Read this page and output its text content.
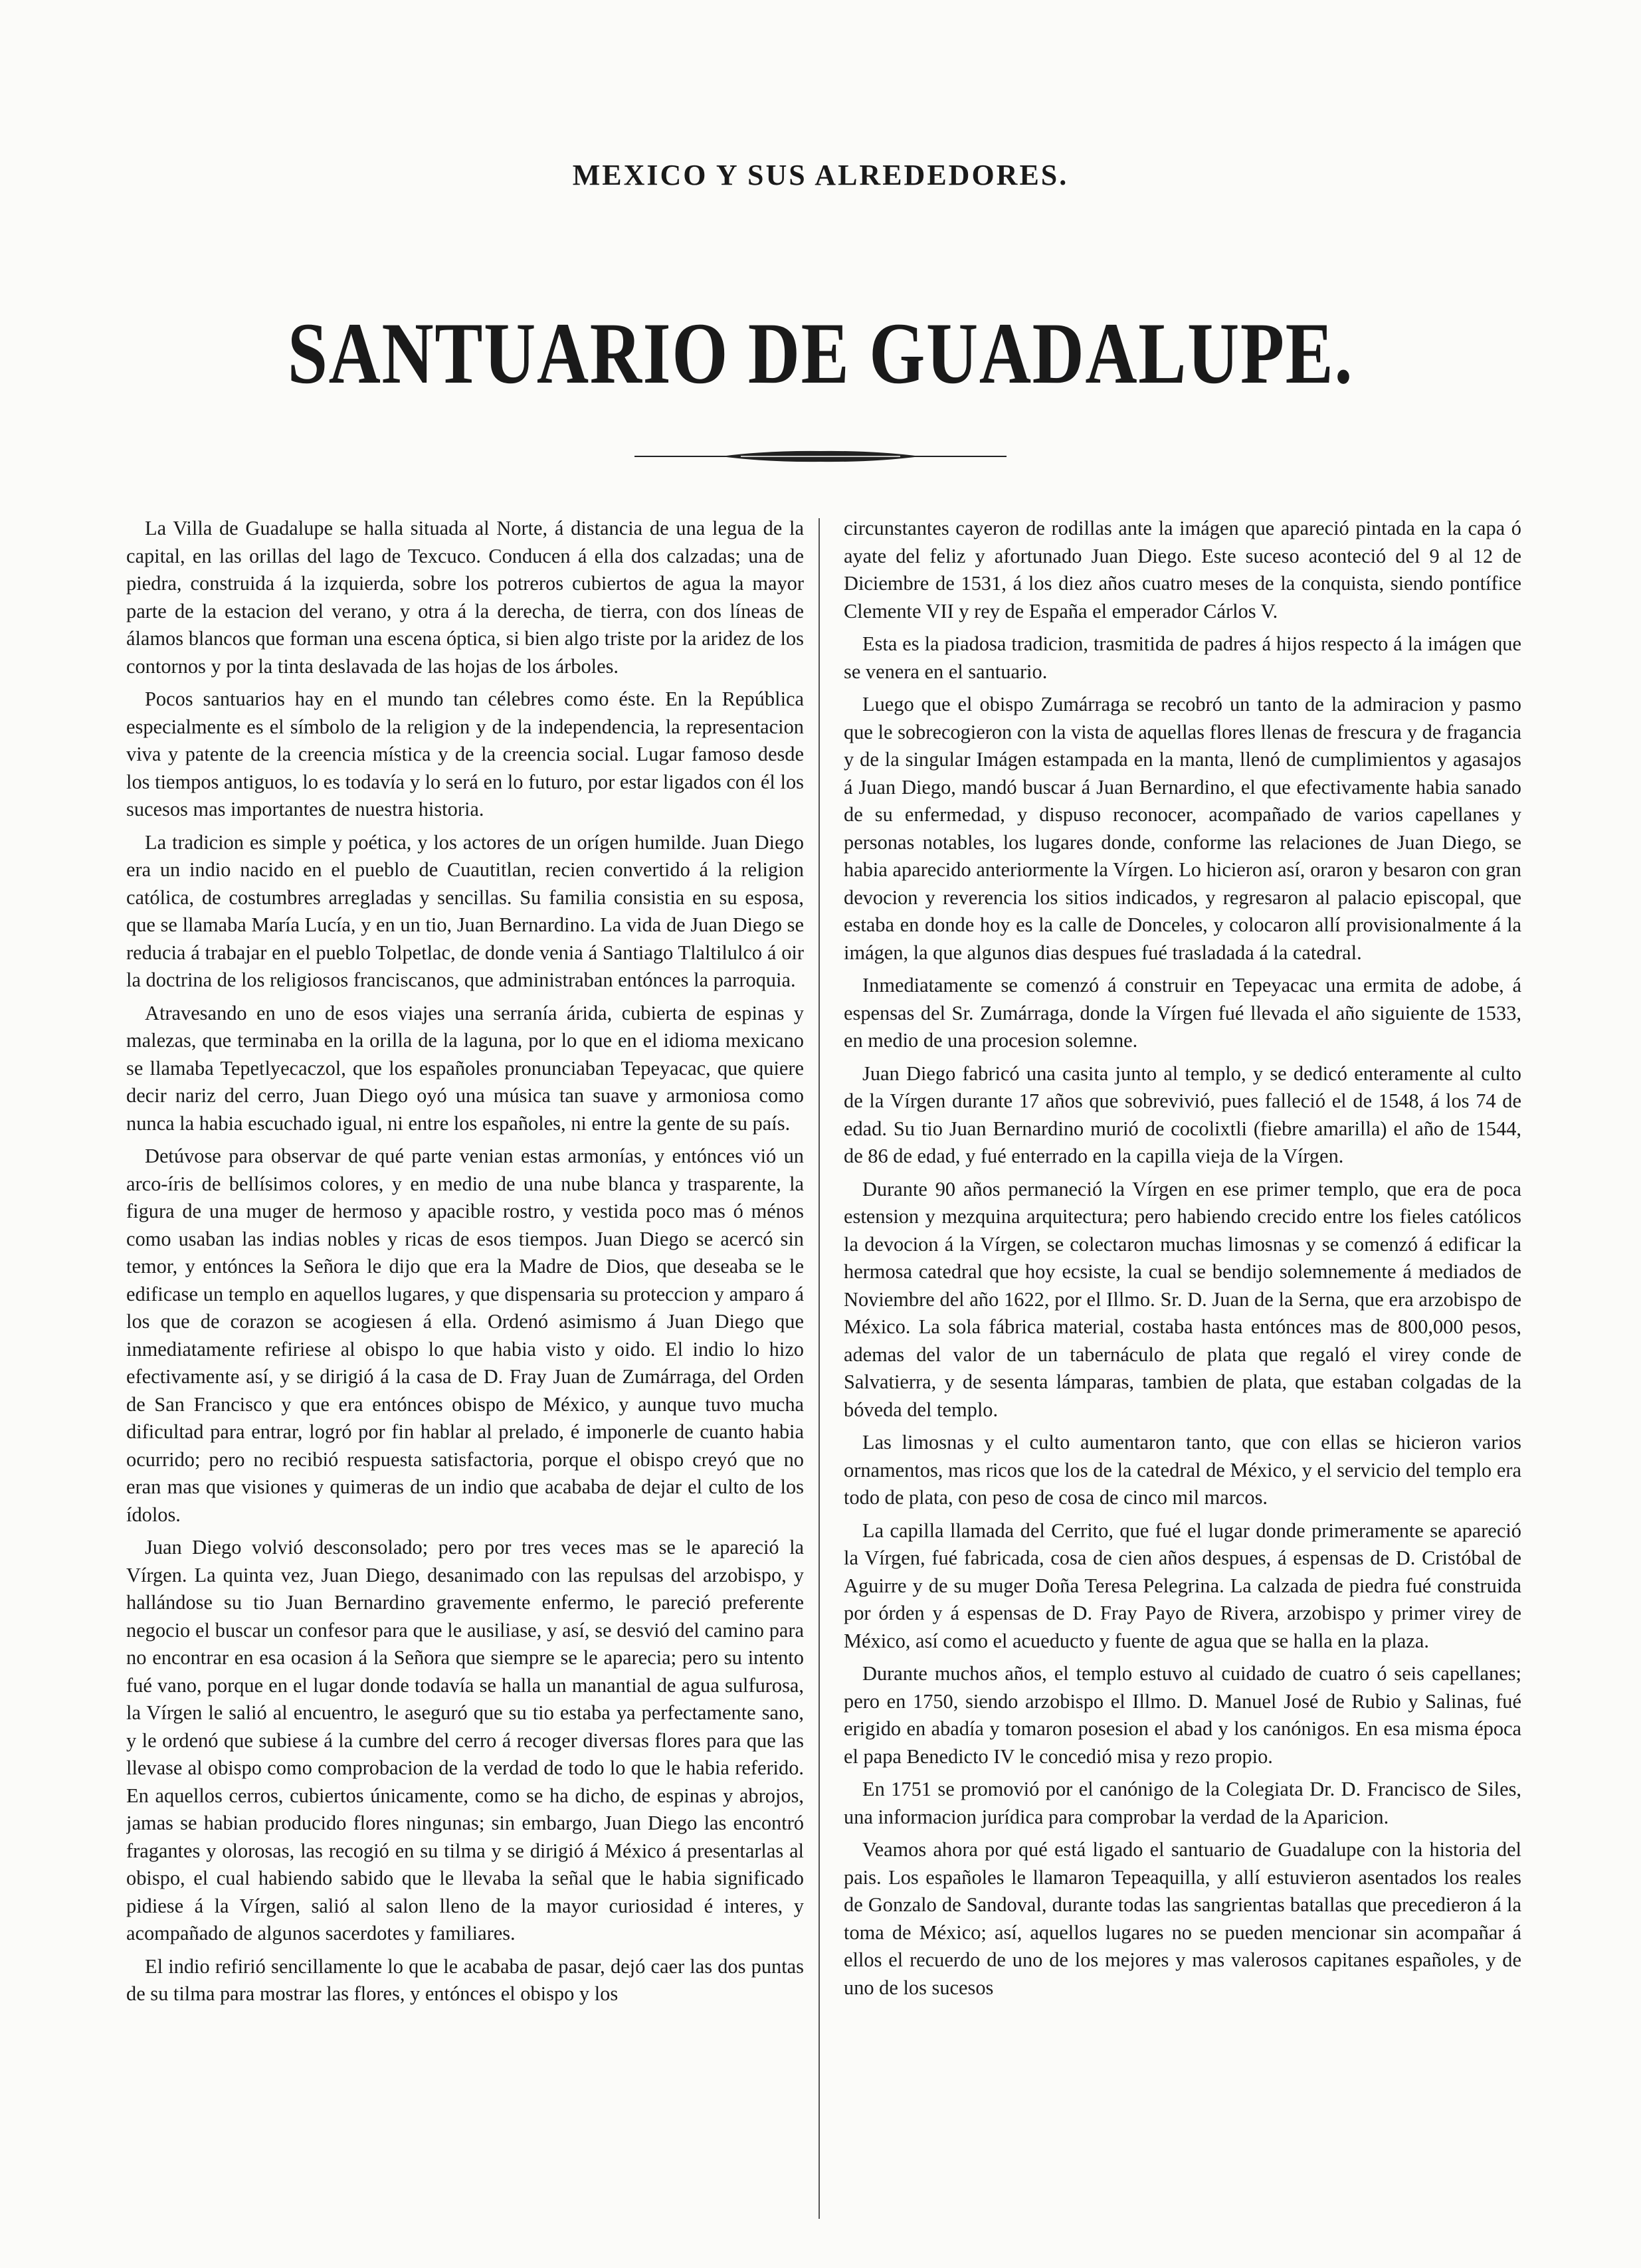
MEXICO Y SUS ALREDEDORES.
SANTUARIO DE GUADALUPE.

La Villa de Guadalupe se halla situada al Norte, á distancia de una legua de la capital, en las orillas del lago de Texcuco. Conducen á ella dos calzadas; una de piedra, construida á la izquierda, sobre los potreros cubiertos de agua la mayor parte de la estacion del verano, y otra á la derecha, de tierra, con dos líneas de álamos blancos que forman una escena óptica, si bien algo triste por la aridez de los contornos y por la tinta deslavada de las hojas de los árboles.

Pocos santuarios hay en el mundo tan célebres como éste. En la República especialmente es el símbolo de la religion y de la independencia, la representacion viva y patente de la creencia mística y de la creencia social. Lugar famoso desde los tiempos antiguos, lo es todavía y lo será en lo futuro, por estar ligados con él los sucesos mas importantes de nuestra historia.

La tradicion es simple y poética, y los actores de un orígen humilde. Juan Diego era un indio nacido en el pueblo de Cuautitlan, recien convertido á la religion católica, de costumbres arregladas y sencillas. Su familia consistia en su esposa, que se llamaba María Lucía, y en un tio, Juan Bernardino. La vida de Juan Diego se reducia á trabajar en el pueblo Tolpetlac, de donde venia á Santiago Tlaltilulco á oir la doctrina de los religiosos franciscanos, que administraban entónces la parroquia.

Atravesando en uno de esos viajes una serranía árida, cubierta de espinas y malezas, que terminaba en la orilla de la laguna, por lo que en el idioma mexicano se llamaba Tepetlyecaczol, que los españoles pronunciaban Tepeyacac, que quiere decir nariz del cerro, Juan Diego oyó una música tan suave y armoniosa como nunca la habia escuchado igual, ni entre los españoles, ni entre la gente de su país.

Detúvose para observar de qué parte venian estas armonías, y entónces vió un arco-íris de bellísimos colores, y en medio de una nube blanca y trasparente, la figura de una muger de hermoso y apacible rostro, y vestida poco mas ó ménos como usaban las indias nobles y ricas de esos tiempos. Juan Diego se acercó sin temor, y entónces la Señora le dijo que era la Madre de Dios, que deseaba se le edificase un templo en aquellos lugares, y que dispensaria su proteccion y amparo á los que de corazon se acogiesen á ella. Ordenó asimismo á Juan Diego que inmediatamente refiriese al obispo lo que habia visto y oido. El indio lo hizo efectivamente así, y se dirigió á la casa de D. Fray Juan de Zumárraga, del Orden de San Francisco y que era entónces obispo de México, y aunque tuvo mucha dificultad para entrar, logró por fin hablar al prelado, é imponerle de cuanto habia ocurrido; pero no recibió respuesta satisfactoria, porque el obispo creyó que no eran mas que visiones y quimeras de un indio que acababa de dejar el culto de los ídolos.

Juan Diego volvió desconsolado; pero por tres veces mas se le apareció la Vírgen. La quinta vez, Juan Diego, desanimado con las repulsas del arzobispo, y hallándose su tio Juan Bernardino gravemente enfermo, le pareció preferente negocio el buscar un confesor para que le ausiliase, y así, se desvió del camino para no encontrar en esa ocasion á la Señora que siempre se le aparecia; pero su intento fué vano, porque en el lugar donde todavía se halla un manantial de agua sulfurosa, la Vírgen le salió al encuentro, le aseguró que su tio estaba ya perfectamente sano, y le ordenó que subiese á la cumbre del cerro á recoger diversas flores para que las llevase al obispo como comprobacion de la verdad de todo lo que le habia referido. En aquellos cerros, cubiertos únicamente, como se ha dicho, de espinas y abrojos, jamas se habian producido flores ningunas; sin embargo, Juan Diego las encontró fragantes y olorosas, las recogió en su tilma y se dirigió á México á presentarlas al obispo, el cual habiendo sabido que le llevaba la señal que le habia significado pidiese á la Vírgen, salió al salon lleno de la mayor curiosidad é interes, y acompañado de algunos sacerdotes y familiares.

El indio refirió sencillamente lo que le acababa de pasar, dejó caer las dos puntas de su tilma para mostrar las flores, y entónces el obispo y los

circunstantes cayeron de rodillas ante la imágen que apareció pintada en la capa ó ayate del feliz y afortunado Juan Diego. Este suceso aconteció del 9 al 12 de Diciembre de 1531, á los diez años cuatro meses de la conquista, siendo pontífice Clemente VII y rey de España el emperador Cárlos V.

Esta es la piadosa tradicion, trasmitida de padres á hijos respecto á la imágen que se venera en el santuario.

Luego que el obispo Zumárraga se recobró un tanto de la admiracion y pasmo que le sobrecogieron con la vista de aquellas flores llenas de frescura y de fragancia y de la singular Imágen estampada en la manta, llenó de cumplimientos y agasajos á Juan Diego, mandó buscar á Juan Bernardino, el que efectivamente habia sanado de su enfermedad, y dispuso reconocer, acompañado de varios capellanes y personas notables, los lugares donde, conforme las relaciones de Juan Diego, se habia aparecido anteriormente la Vírgen. Lo hicieron así, oraron y besaron con gran devocion y reverencia los sitios indicados, y regresaron al palacio episcopal, que estaba en donde hoy es la calle de Donceles, y colocaron allí provisionalmente á la imágen, la que algunos dias despues fué trasladada á la catedral.

Inmediatamente se comenzó á construir en Tepeyacac una ermita de adobe, á espensas del Sr. Zumárraga, donde la Vírgen fué llevada el año siguiente de 1533, en medio de una procesion solemne.

Juan Diego fabricó una casita junto al templo, y se dedicó enteramente al culto de la Vírgen durante 17 años que sobrevivió, pues falleció el de 1548, á los 74 de edad. Su tio Juan Bernardino murió de cocolixtli (fiebre amarilla) el año de 1544, de 86 de edad, y fué enterrado en la capilla vieja de la Vírgen.

Durante 90 años permaneció la Vírgen en ese primer templo, que era de poca estension y mezquina arquitectura; pero habiendo crecido entre los fieles católicos la devocion á la Vírgen, se colectaron muchas limosnas y se comenzó á edificar la hermosa catedral que hoy ecsiste, la cual se bendijo solemnemente á mediados de Noviembre del año 1622, por el Illmo. Sr. D. Juan de la Serna, que era arzobispo de México. La sola fábrica material, costaba hasta entónces mas de 800,000 pesos, ademas del valor de un tabernáculo de plata que regaló el virey conde de Salvatierra, y de sesenta lámparas, tambien de plata, que estaban colgadas de la bóveda del templo.

Las limosnas y el culto aumentaron tanto, que con ellas se hicieron varios ornamentos, mas ricos que los de la catedral de México, y el servicio del templo era todo de plata, con peso de cosa de cinco mil marcos.

La capilla llamada del Cerrito, que fué el lugar donde primeramente se apareció la Vírgen, fué fabricada, cosa de cien años despues, á espensas de D. Cristóbal de Aguirre y de su muger Doña Teresa Pelegrina. La calzada de piedra fué construida por órden y á espensas de D. Fray Payo de Rivera, arzobispo y primer virey de México, así como el acueducto y fuente de agua que se halla en la plaza.

Durante muchos años, el templo estuvo al cuidado de cuatro ó seis capellanes; pero en 1750, siendo arzobispo el Illmo. D. Manuel José de Rubio y Salinas, fué erigido en abadía y tomaron posesion el abad y los canónigos. En esa misma época el papa Benedicto IV le concedió misa y rezo propio.

En 1751 se promovió por el canónigo de la Colegiata Dr. D. Francisco de Siles, una informacion jurídica para comprobar la verdad de la Aparicion.

Veamos ahora por qué está ligado el santuario de Guadalupe con la historia del pais. Los españoles le llamaron Tepeaquilla, y allí estuvieron asentados los reales de Gonzalo de Sandoval, durante todas las sangrientas batallas que precedieron á la toma de México; así, aquellos lugares no se pueden mencionar sin acompañar á ellos el recuerdo de uno de los mejores y mas valerosos capitanes españoles, y de uno de los sucesos
